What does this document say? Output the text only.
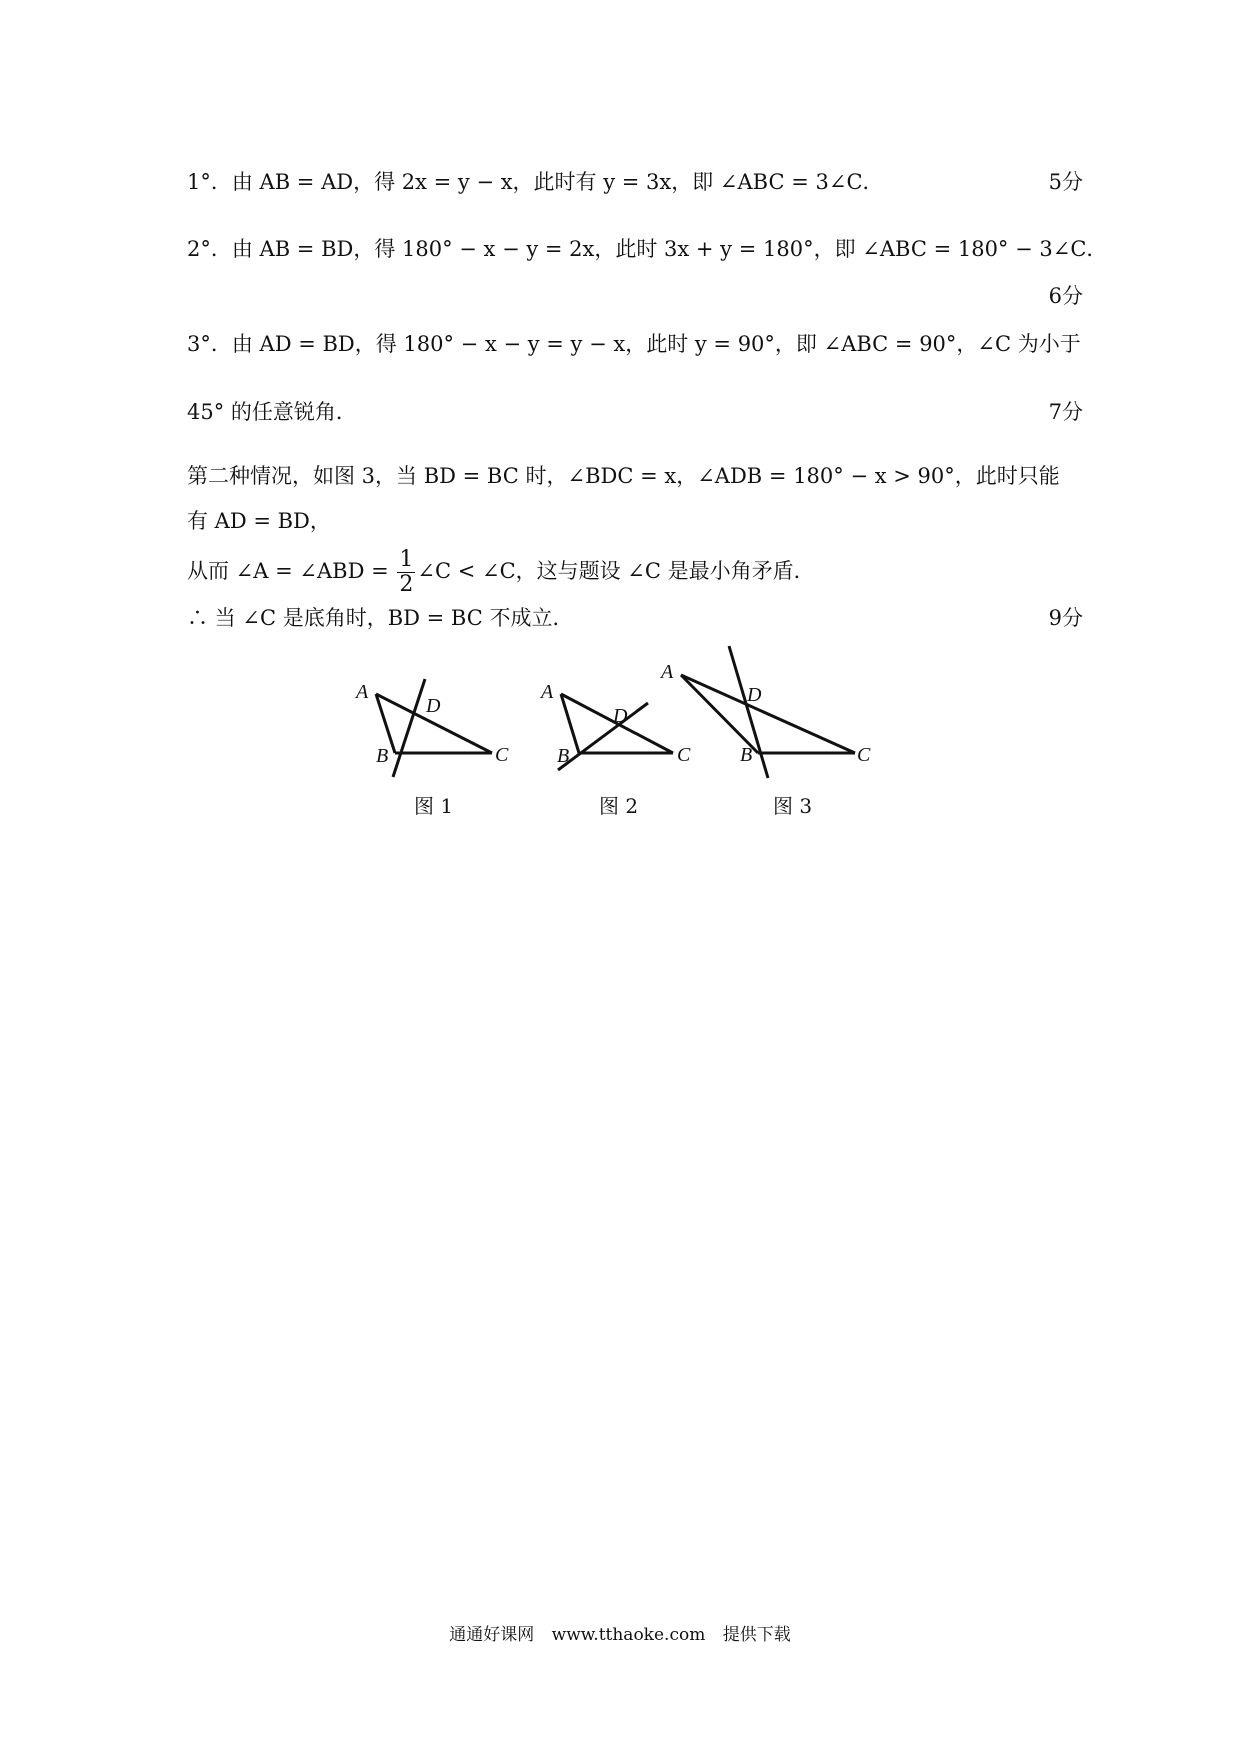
1°．由 AB = AD，得 2x = y − x，此时有 y = 3x，即 ∠ABC = 3∠C．	5分
2°．由 AB = BD，得 180° − x − y = 2x，此时 3x + y = 180°，即 ∠ABC = 180° − 3∠C．
6分
3°．由 AD = BD，得 180° − x − y = y − x，此时 y = 90°，即 ∠ABC = 90°，∠C 为小于
45° 的任意锐角．	7分
第二种情况，如图 3，当 BD = BC 时，∠BDC = x，∠ADB = 180° − x > 90°，此时只能
有 AD = BD，
从而 ∠A = ∠ABD = $\frac{1}{2}$ ∠C < ∠C，这与题设 ∠C 是最小角矛盾．
∴ 当 ∠C 是底角时，BD = BC 不成立．	9分
A
D
B	C
图 1
A
D
B	C
图 2
A
D
B	C
图 3
通通好课网 www.tthaoke.com 提供下载
